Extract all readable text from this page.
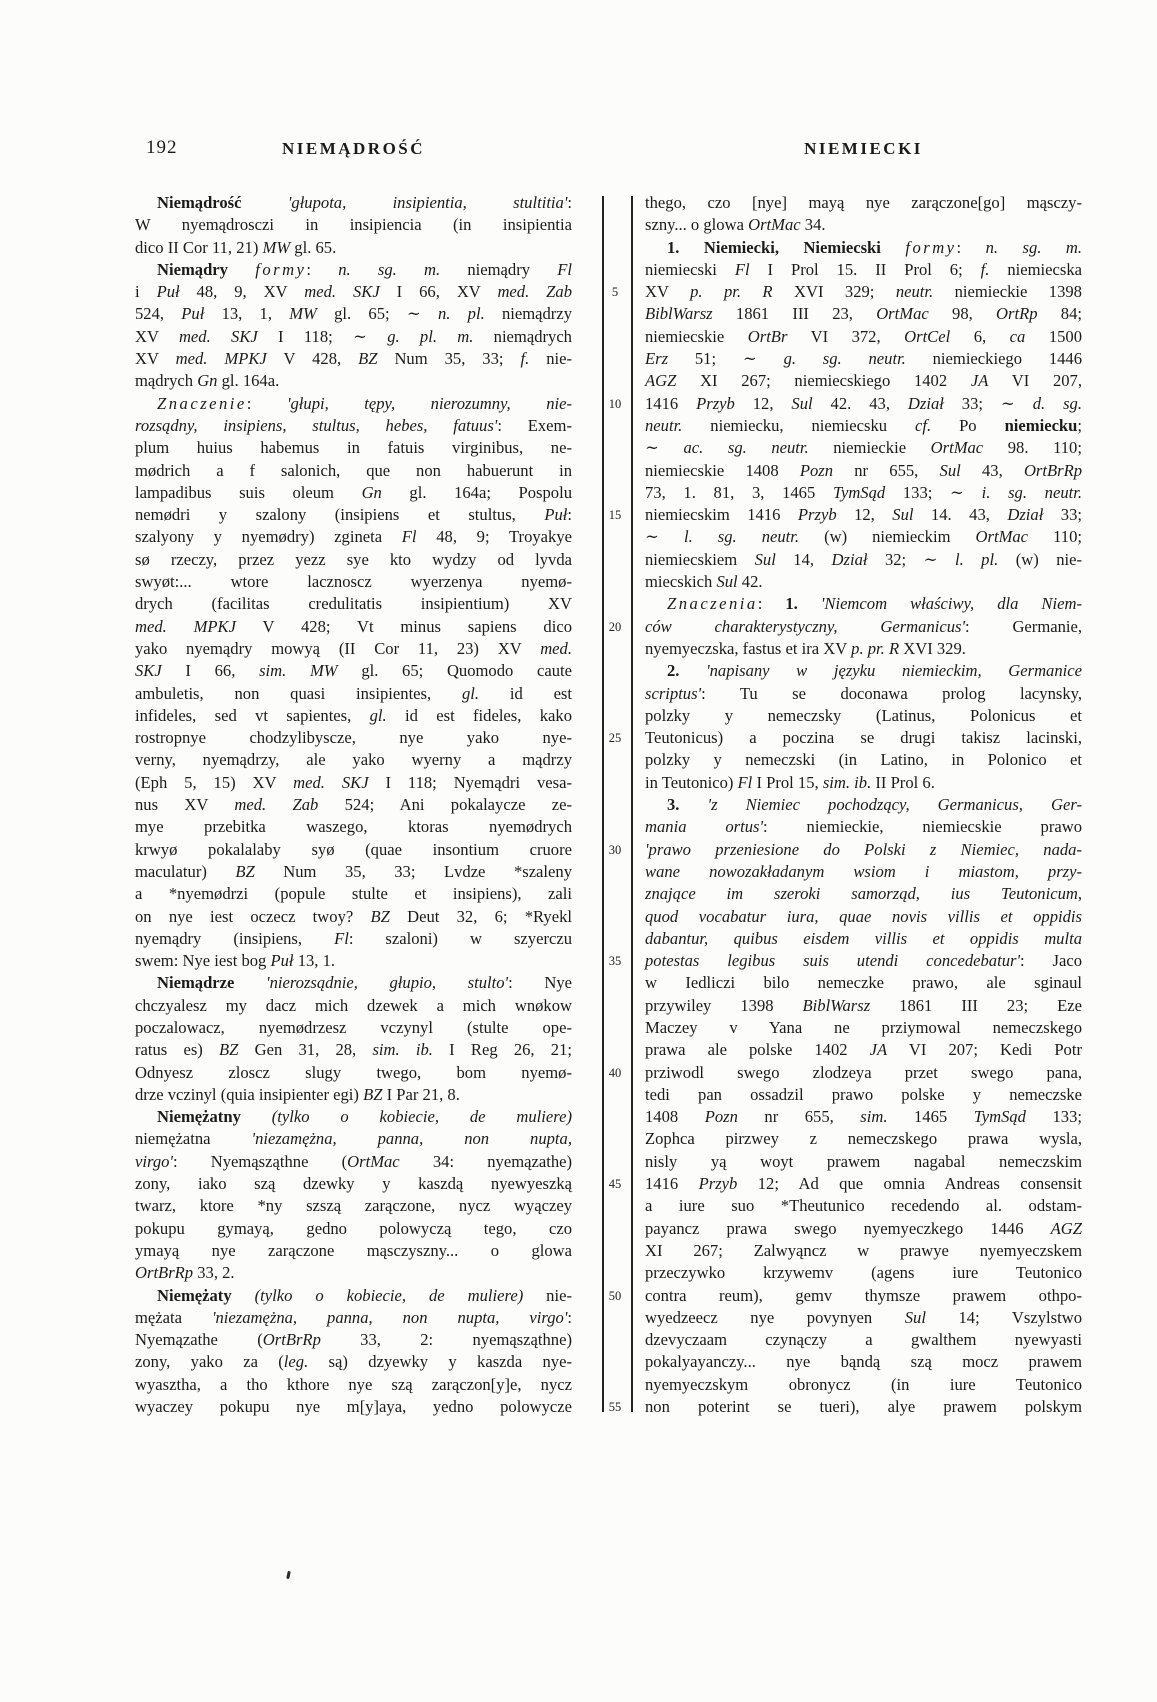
192	NIEMĄDROŚĆ	NIEMIECKI
Niemądrość	'głupota, insipientia, stultitia':
W nyemądrosczi in insipiencia (in insipientia
dico II Cor 11, 21) MW gl. 65.
Niemądry formy: n. sg. m. niemądry Fl
i Puł 48, 9, XV med. SKJ I 66, XV med. Zab
524, Puł 13, 1, MW gl. 65; ∼ n. pl. niemądrzy
XV med. SKJ I 118; ∼ g. pl. m. niemądrych
XV med. MPKJ V 428, BZ Num 35, 33; f. nie-
mądrych Gn gl. 164a.
Znaczenie: 'głupi, tępy, nierozumny, nie-
rozsądny, insipiens, stultus, hebes, fatuus': Exem-
plum huius habemus in fatuis virginibus, ne-
mødrich a f salonich, que non habuerunt in
lampadibus suis oleum Gn gl. 164a; Pospolu
nemødri y szalony (insipiens et stultus, Puł:
szalyony y nyemødry) zgineta Fl 48, 9; Troyakye
sø rzeczy, przez yezz sye kto wydzy od lyvda
swyøt:... wtore lacznoscz wyerzenya nyemø-
drych (facilitas credulitatis insipientium) XV
med. MPKJ V 428; Vt minus sapiens dico
yako nyemądry mowyą (II Cor 11, 23) XV med.
SKJ I 66, sim. MW gl. 65; Quomodo caute
ambuletis, non quasi insipientes, gl. id est
infideles, sed vt sapientes, gl. id est fideles, kako
rostropnye chodzylibyscze, nye yako nye-
verny, nyemądrzy, ale yako wyerny a mądrzy
(Eph 5, 15) XV med. SKJ I 118; Nyemądri vesa-
nus XV med. Zab 524; Ani pokalaycze ze-
mye przebitka waszego, ktoras nyemødrych
krwyø pokalalaby syø (quae insontium cruore
maculatur) BZ Num 35, 33; Lvdze *szaleny
a *nyemødrzi (popule stulte et insipiens), zali
on nye iest oczecz twoy? BZ Deut 32, 6; *Ryekl
nyemądry (insipiens, Fl: szaloni) w szyerczu
swem: Nye iest bog Puł 13, 1.
Niemądrze 'nierozsądnie, głupio, stulto': Nye
chczyalesz my dacz mich dzewek a mich wnøkow
poczalowacz, nyemødrzesz vczynyl (stulte ope-
ratus es) BZ Gen 31, 28, sim. ib. I Reg 26, 21;
Odnyesz zloscz slugy twego, bom nyemø-
drze vczinyl (quia insipienter egi) BZ I Par 21, 8.
Niemężatny (tylko o kobiecie, de muliere)
niemężatna 'niezamężna, panna, non nupta,
virgo': Nyemąsząthne (OrtMac 34: nyemązathe)
zony, iako szą dzewky y kaszdą nyewyeszką
twarz, ktore *ny szszą zarączone, nycz wyączey
pokupu gymayą, gedno polowyczą tego, czo
ymayą nye zarączone mąsczyszny... o glowa
OrtBrRp 33, 2.
Niemężaty (tylko o kobiecie, de muliere) nie-
mężata 'niezamężna, panna, non nupta, virgo':
Nyemązathe (OrtBrRp 33, 2: nyemąsząthne)
zony, yako za (leg. są) dzyewky y kaszda nye-
wyasztha, a tho kthore nye szą zarączon[y]e, nycz
wyaczey pokupu nye m[y]aya, yedno polowycze
5
10
15
20
25
30
35
40
45
50
55
thego, czo [nye] mayą nye zarączone[go] mąsczy-
szny... o glowa OrtMac 34.
1. Niemiecki, Niemiecski formy: n. sg. m.
niemiecski Fl I Prol 15. II Prol 6; f. niemiecska
XV p. pr. R XVI 329; neutr. niemieckie 1398
BiblWarsz 1861 III 23, OrtMac 98, OrtRp 84;
niemiecskie OrtBr VI 372, OrtCel 6, ca 1500
Erz 51; ∼ g. sg. neutr. niemieckiego 1446
AGZ XI 267; niemiecskiego 1402 JA VI 207,
1416 Przyb 12, Sul 42. 43, Dział 33; ∼ d. sg.
neutr. niemiecku, niemiecsku cf. Po niemiecku;
∼ ac. sg. neutr. niemieckie OrtMac 98. 110;
niemiecskie 1408 Pozn nr 655, Sul 43, OrtBrRp
73, 1. 81, 3, 1465 TymSąd 133; ∼ i. sg. neutr.
niemiecskim 1416 Przyb 12, Sul 14. 43, Dział 33;
∼ l. sg. neutr. (w) niemieckim OrtMac 110;
niemiecskiem Sul 14, Dział 32; ∼ l. pl. (w) nie-
miecskich Sul 42.
Znaczenia: 1. 'Niemcom właściwy, dla Niem-
ców charakterystyczny, Germanicus': Germanie,
nyemyeczska, fastus et ira XV p. pr. R XVI 329.
2. 'napisany w języku niemieckim, Germanice
scriptus': Tu se doconawa prolog lacynsky,
polzky y nemeczsky (Latinus, Polonicus et
Teutonicus) a poczina se drugi takisz lacinski,
polzky y nemeczski (in Latino, in Polonico et
in Teutonico) Fl I Prol 15, sim. ib. II Prol 6.
3. 'z Niemiec pochodzący, Germanicus, Ger-
mania ortus': niemieckie, niemiecskie prawo
'prawo przeniesione do Polski z Niemiec, nada-
wane nowozakładanym wsiom i miastom, przy-
znające im szeroki samorząd, ius Teutonicum,
quod vocabatur iura, quae novis villis et oppidis
dabantur, quibus eisdem villis et oppidis multa
potestas legibus suis utendi concedebatur': Jaco
w Iedliczi bilo nemeczke prawo, ale sginaul
przywiley 1398 BiblWarsz 1861 III 23; Eze
Maczey v Yana ne prziymowal nemeczskego
prawa ale polske 1402 JA VI 207; Kedi Potr
prziwodl swego zlodzeya przet swego pana,
tedi pan ossadzil prawo polske y nemeczske
1408 Pozn nr 655, sim. 1465 TymSąd 133;
Zophca pirzwey z nemeczskego prawa wysla,
nisly yą woyt prawem nagabal nemeczskim
1416 Przyb 12; Ad que omnia Andreas consensit
a iure suo *Theutunico recedendo al. odstam-
payancz prawa swego nyemyeczkego 1446 AGZ
XI 267; Zalwyąncz w prawye nyemyeczskem
przeczywko krzywemv (agens iure Teutonico
contra reum), gemv thymsze prawem othpo-
wyedzeecz nye povynyen Sul 14; Vszylstwo
dzevyczaam czynączy a gwalthem nyewyasti
pokalyayanczy... nye bąndą szą mocz prawem
nyemyeczskym obronycz (in iure Teutonico
non poterint se tueri), alye prawem polskym
